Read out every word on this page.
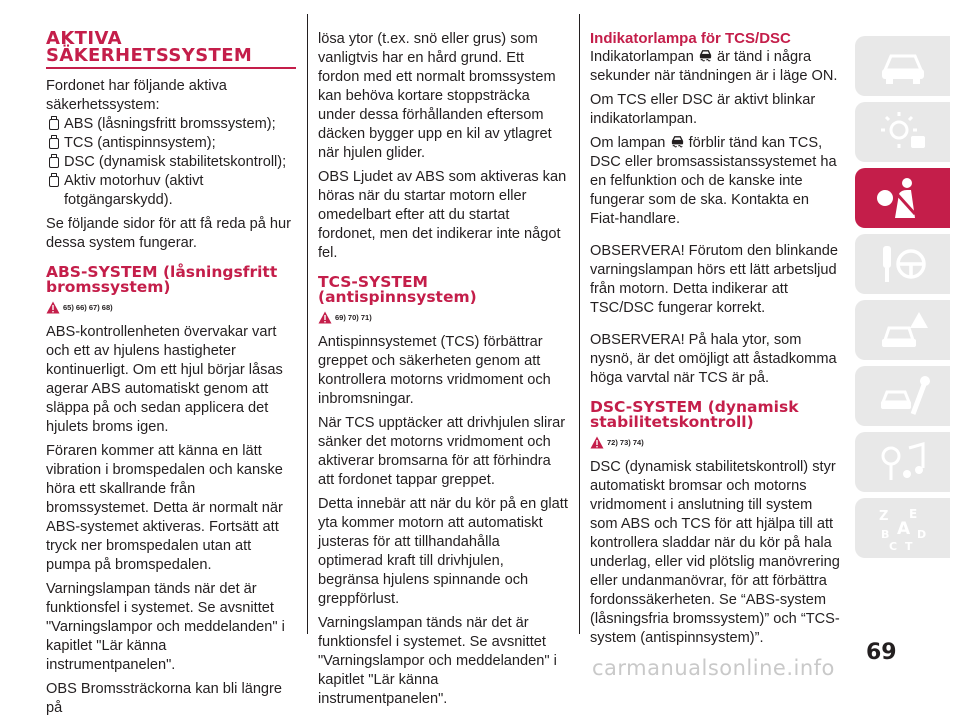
AKTIVA SÄKERHETSSYSTEM

Fordonet har följande aktiva säkerhetssystem:

ABS (låsningsfritt bromssystem);
TCS (antispinnsystem);
DSC (dynamisk stabilitetskontroll);
Aktiv motorhuv (aktivt fotgängarskydd).

Se följande sidor för att få reda på hur dessa system fungerar.

ABS-SYSTEM (låsningsfritt bromssystem)
65) 66) 67) 68)

ABS-kontrollenheten övervakar vart och ett av hjulens hastigheter kontinuerligt. Om ett hjul börjar låsas agerar ABS automatiskt genom att släppa på och sedan applicera det hjulets broms igen.

Föraren kommer att känna en lätt vibration i bromspedalen och kanske höra ett skallrande från bromssystemet. Detta är normalt när ABS-systemet aktiveras. Fortsätt att tryck ner bromspedalen utan att pumpa på bromspedalen.

Varningslampan tänds när det är funktionsfel i systemet. Se avsnittet "Varningslampor och meddelanden" i kapitlet "Lär känna instrumentpanelen".

OBS Bromssträckorna kan bli längre på

lösa ytor (t.ex. snö eller grus) som vanligtvis har en hård grund. Ett fordon med ett normalt bromssystem kan behöva kortare stoppsträcka under dessa förhållanden eftersom däcken bygger upp en kil av ytlagret när hjulen glider.

OBS Ljudet av ABS som aktiveras kan höras när du startar motorn eller omedelbart efter att du startat fordonet, men det indikerar inte något fel.

TCS-SYSTEM (antispinnsystem)
69) 70) 71)

Antispinnsystemet (TCS) förbättrar greppet och säkerheten genom att kontrollera motorns vridmoment och inbromsningar.

När TCS upptäcker att drivhjulen slirar sänker det motorns vridmoment och aktiverar bromsarna för att förhindra att fordonet tappar greppet.

Detta innebär att när du kör på en glatt yta kommer motorn att automatiskt justeras för att tillhandahålla optimerad kraft till drivhjulen, begränsa hjulens spinnande och greppförlust.

Varningslampan tänds när det är funktionsfel i systemet. Se avsnittet "Varningslampor och meddelanden" i kapitlet "Lär känna instrumentpanelen".

Indikatorlampa för TCS/DSC

Indikatorlampan är tänd i några sekunder när tändningen är i läge ON.

Om TCS eller DSC är aktivt blinkar indikatorlampan.

Om lampan förblir tänd kan TCS, DSC eller bromsassistanssystemet ha en felfunktion och de kanske inte fungerar som de ska. Kontakta en Fiat-handlare.

OBSERVERA! Förutom den blinkande varningslampan hörs ett lätt arbetsljud från motorn. Detta indikerar att TSC/DSC fungerar korrekt.

OBSERVERA! På hala ytor, som nysnö, är det omöjligt att åstadkomma höga varvtal när TCS är på.

DSC-SYSTEM (dynamisk stabilitetskontroll)
72) 73) 74)

DSC (dynamisk stabilitetskontroll) styr automatiskt bromsar och motorns vridmoment i anslutning till system som ABS och TCS för att hjälpa till att kontrollera sladdar när du kör på hala underlag, eller vid plötslig manövrering eller undanmanövrar, för att förbättra fordonssäkerheten. Se “ABS-system (låsningsfria bromssystem)” och “TCS-system (antispinnsystem)”.

Z E
A
B	D
C T
69
carmanualsonline.info
